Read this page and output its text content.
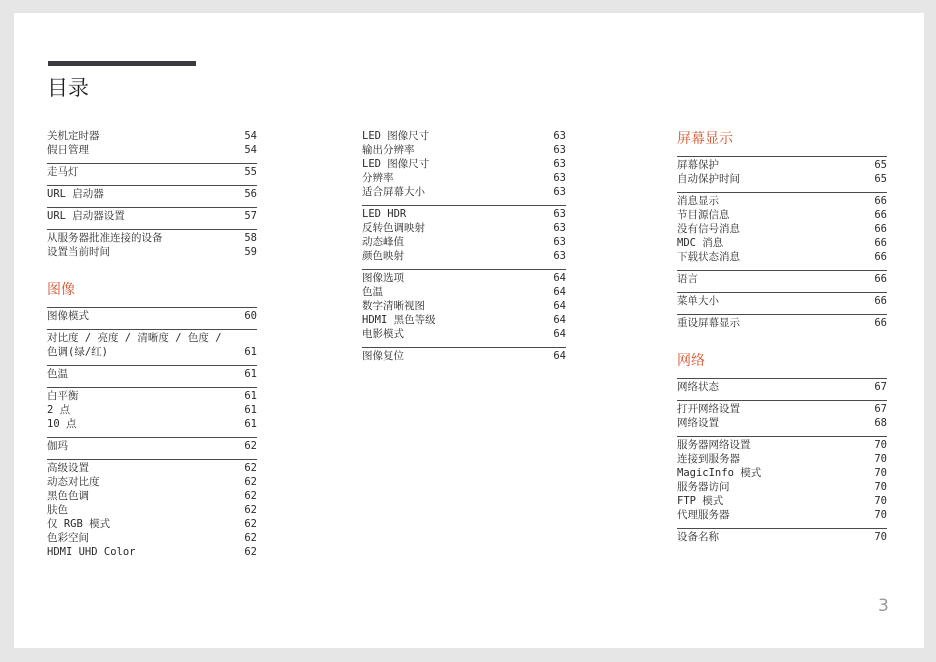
目录
关机定时器	54
假日管理	54
走马灯	55
URL 启动器	56
URL 启动器设置	57
从服务器批准连接的设备	58
设置当前时间	59
图像
图像模式	60
对比度 / 亮度 / 清晰度 / 色度 / 色调(绿/红)	61
色温	61
白平衡	61
2 点	61
10 点	61
伽玛	62
高级设置	62
动态对比度	62
黑色色调	62
肤色	62
仅 RGB 模式	62
色彩空间	62
HDMI UHD Color	62
LED 图像尺寸	63
输出分辨率	63
LED 图像尺寸	63
分辨率	63
适合屏幕大小	63
LED HDR	63
反转色调映射	63
动态峰值	63
颜色映射	63
图像选项	64
色温	64
数字清晰视图	64
HDMI 黑色等级	64
电影模式	64
图像复位	64
屏幕显示
屏幕保护	65
自动保护时间	65
消息显示	66
节目源信息	66
没有信号消息	66
MDC 消息	66
下载状态消息	66
语言	66
菜单大小	66
重设屏幕显示	66
网络
网络状态	67
打开网络设置	67
网络设置	68
服务器网络设置	70
连接到服务器	70
MagicInfo 模式	70
服务器访问	70
FTP 模式	70
代理服务器	70
设备名称	70
3
